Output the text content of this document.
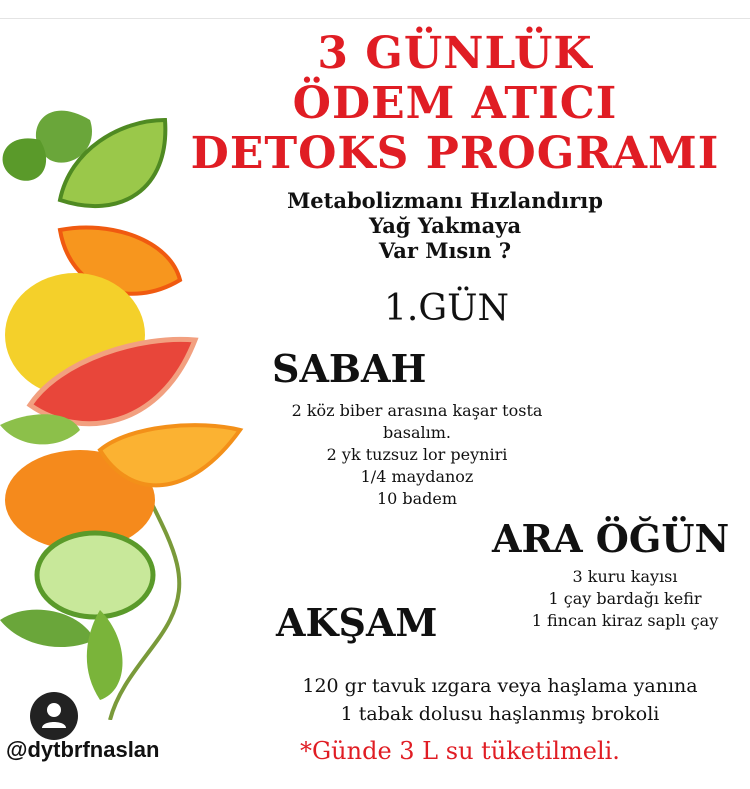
3 GÜNLÜK
ÖDEM ATICI
DETOKS PROGRAMI
Metabolizmanı Hızlandırıp
Yağ Yakmaya
Var Mısın ?
1.GÜN
SABAH
2 köz biber arasına kaşar tosta
basalım.
2 yk tuzsuz lor peyniri
1/4 maydanoz
10 badem
ARA ÖĞÜN
3 kuru kayısı
1 çay bardağı kefir
1 fincan kiraz saplı çay
AKŞAM
120 gr tavuk ızgara veya haşlama yanına
1 tabak dolusu haşlanmış brokoli
*Günde 3 L su tüketilmeli.
@dytbrfnaslan
